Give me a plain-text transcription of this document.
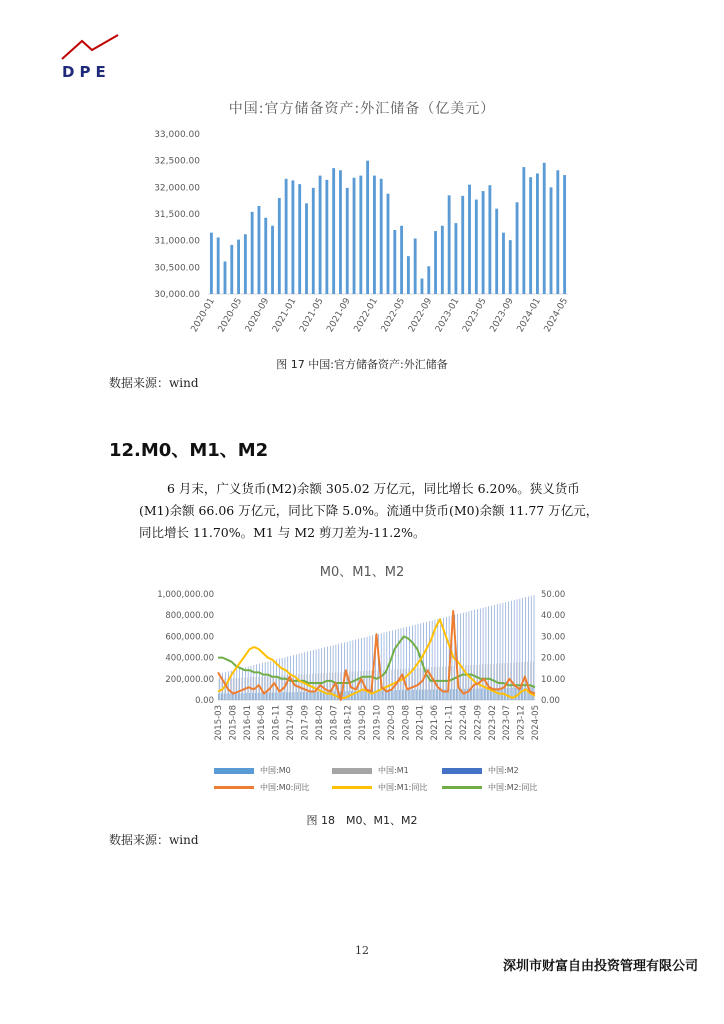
DPE
中国:官方储备资产:外汇储备（亿美元）
33,000.00
32,500.00
32,000.00
31,500.00
31,000.00
30,500.00
30,000.00
2020-01 2020-05 2020-09 2021-01 2021-05 2021-09 2022-01 2022-05 2022-09 2023-01 2023-05 2023-09 2024-01 2024-05
图 17 中国:官方储备资产:外汇储备
数据来源：wind
12.M0、M1、M2
6 月末，广义货币(M2)余额 305.02 万亿元，同比增长 6.20%。狭义货币(M1)余额 66.06 万亿元，同比下降 5.0%。流通中货币(M0)余额 11.77 万亿元，同比增长 11.70%。M1 与 M2 剪刀差为-11.2%。
M0、M1、M2
1,000,000.00
800,000.00
600,000.00
400,000.00
200,000.00
0.00
50.00
40.00
30.00
20.00
10.00
0.00
2015-03 2015-08 2016-01 2016-06 2016-11 2017-04 2017-09 2018-02 2018-07 2018-12 2019-05 2019-10 2020-03 2020-08 2021-01 2021-06 2021-11 2022-04 2022-09 2023-02 2023-07 2023-12 2024-05
中国:M0	中国:M1	中国:M2
中国:M0:同比	中国:M1:同比	中国:M2:同比
图 18　M0、M1、M2
数据来源：wind
12
深圳市财富自由投资管理有限公司
